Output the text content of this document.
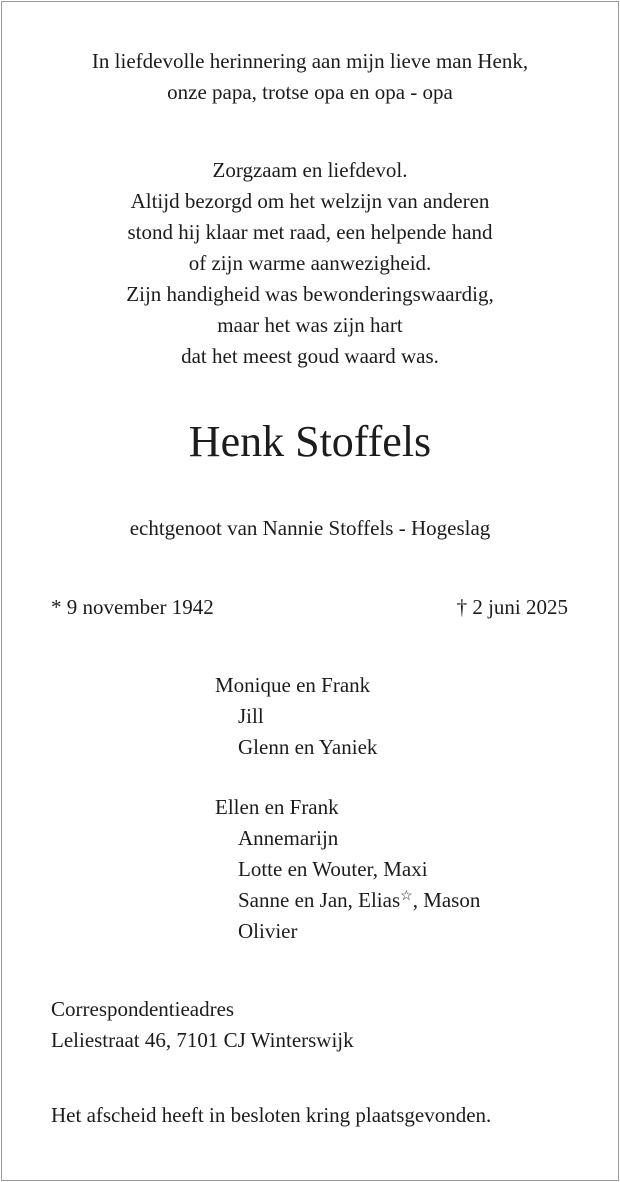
In liefdevolle herinnering aan mijn lieve man Henk,
onze papa, trotse opa en opa - opa
Zorgzaam en liefdevol.
Altijd bezorgd om het welzijn van anderen
stond hij klaar met raad, een helpende hand
of zijn warme aanwezigheid.
Zijn handigheid was bewonderingswaardig,
maar het was zijn hart
dat het meest goud waard was.
Henk Stoffels
echtgenoot van Nannie Stoffels - Hogeslag
* 9 november 1942	† 2 juni 2025
Monique en Frank
Jill
Glenn en Yaniek
Ellen en Frank
Annemarijn
Lotte en Wouter, Maxi
Sanne en Jan, Elias☆, Mason
Olivier
Correspondentieadres
Leliestraat 46, 7101 CJ Winterswijk
Het afscheid heeft in besloten kring plaatsgevonden.
